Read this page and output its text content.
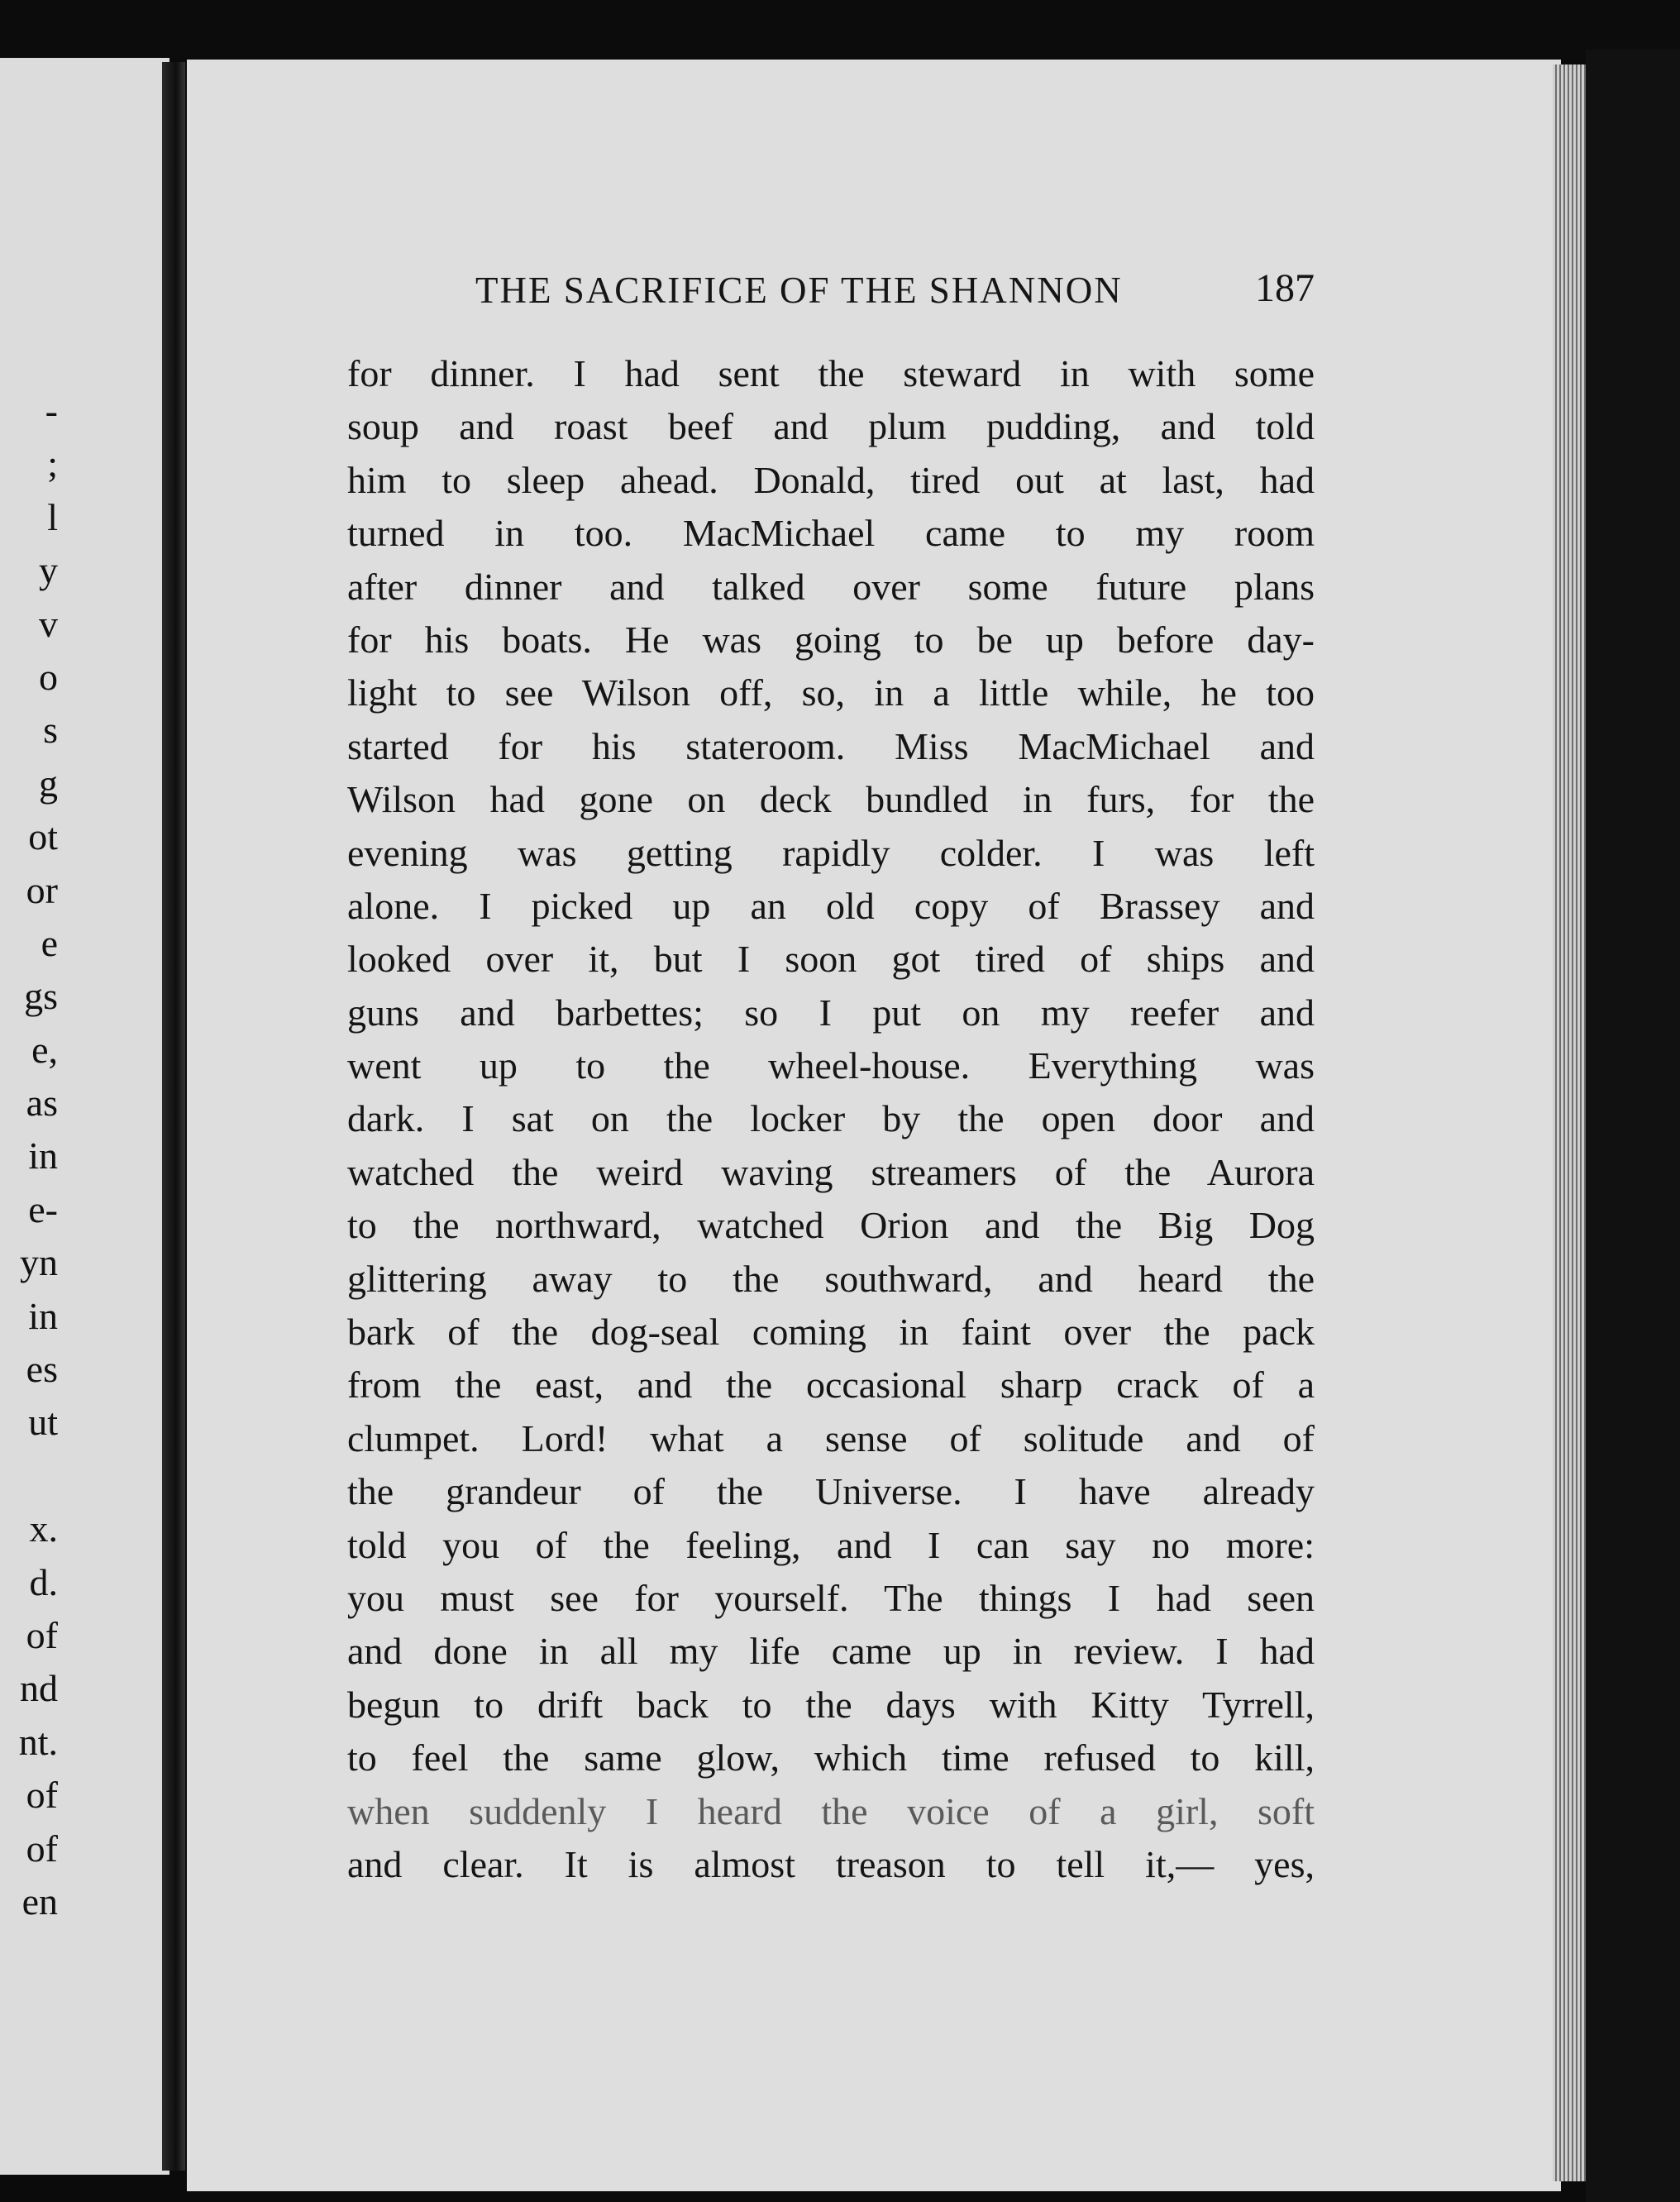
-
;
l
y
v
o
s
g
ot
or
e
gs
e,
as
in
e-
yn
in
es
ut
x.
d.
of
nd
nt.
of
of
en
THE SACRIFICE OF THE SHANNON	187
for dinner. I had sent the steward in with some
soup and roast beef and plum pudding, and told
him to sleep ahead. Donald, tired out at last, had
turned in too. MacMichael came to my room
after dinner and talked over some future plans
for his boats. He was going to be up before day-
light to see Wilson off, so, in a little while, he too
started for his stateroom. Miss MacMichael and
Wilson had gone on deck bundled in furs, for the
evening was getting rapidly colder. I was left
alone. I picked up an old copy of Brassey and
looked over it, but I soon got tired of ships and
guns and barbettes; so I put on my reefer and
went up to the wheel-house. Everything was
dark. I sat on the locker by the open door and
watched the weird waving streamers of the Aurora
to the northward, watched Orion and the Big Dog
glittering away to the southward, and heard the
bark of the dog-seal coming in faint over the pack
from the east, and the occasional sharp crack of a
clumpet. Lord! what a sense of solitude and of
the grandeur of the Universe. I have already
told you of the feeling, and I can say no more:
you must see for yourself. The things I had seen
and done in all my life came up in review. I had
begun to drift back to the days with Kitty Tyrrell,
to feel the same glow, which time refused to kill,
when suddenly I heard the voice of a girl, soft
and clear. It is almost treason to tell it,— yes,
